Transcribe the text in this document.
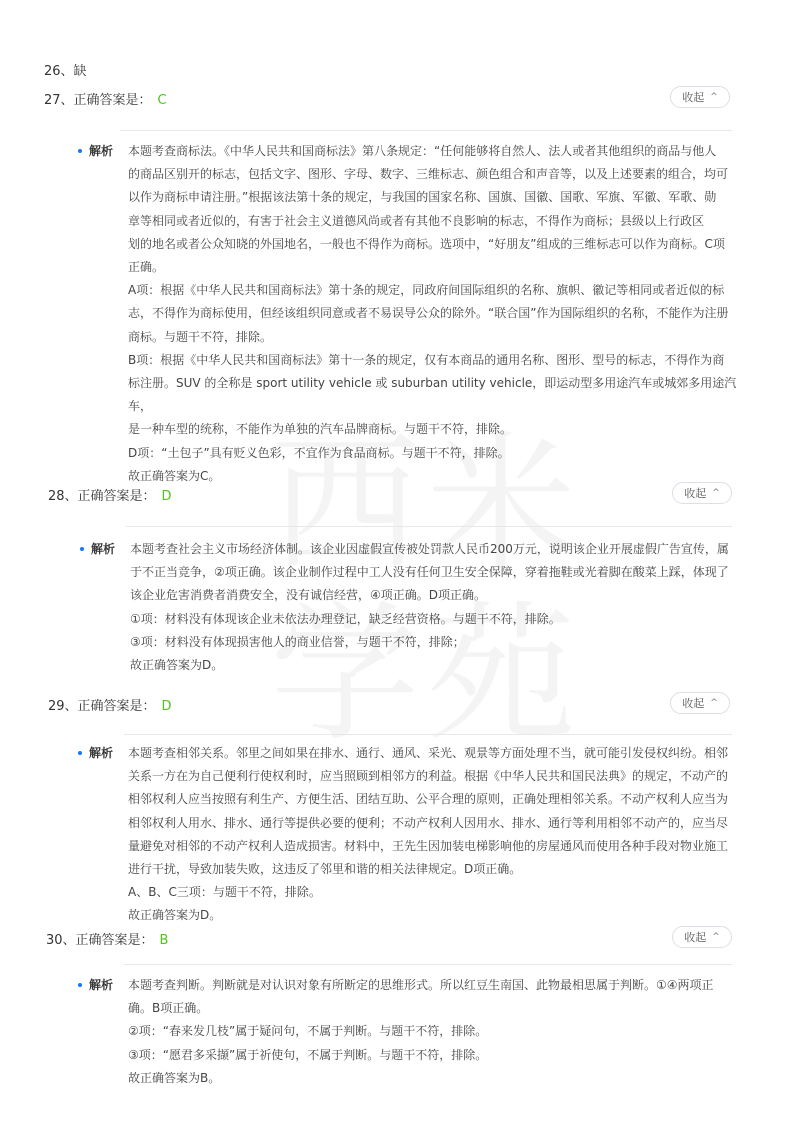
26、缺
27、正确答案是： C	收起 ^
解析 本题考查商标法。《中华人民共和国商标法》第八条规定：“任何能够将自然人、法人或者其他组织的商品与他人

的商品区别开的标志，包括文字、图形、字母、数字、三维标志、颜色组合和声音等，以及上述要素的组合，均可

以作为商标申请注册。”根据该法第十条的规定，与我国的国家名称、国旗、国徽、国歌、军旗、军徽、军歌、勋

章等相同或者近似的，有害于社会主义道德风尚或者有其他不良影响的标志，不得作为商标；县级以上行政区

划的地名或者公众知晓的外国地名，一般也不得作为商标。选项中，“好朋友”组成的三维标志可以作为商标。C项

正确。

A项：根据《中华人民共和国商标法》第十条的规定，同政府间国际组织的名称、旗帜、徽记等相同或者近似的标

志，不得作为商标使用，但经该组织同意或者不易误导公众的除外。“联合国”作为国际组织的名称，不能作为注册

商标。与题干不符，排除。

B项：根据《中华人民共和国商标法》第十一条的规定，仅有本商品的通用名称、图形、型号的标志，不得作为商

标注册。SUV 的全称是 sport utility vehicle 或 suburban utility vehicle，即运动型多用途汽车或城郊多用途汽车，

是一种车型的统称，不能作为单独的汽车品牌商标。与题干不符，排除。

D项：“土包子”具有贬义色彩，不宜作为食品商标。与题干不符，排除。

故正确答案为C。

28、正确答案是： D	收起 ^
解析 本题考查社会主义市场经济体制。该企业因虚假宣传被处罚款人民币200万元，说明该企业开展虚假广告宣传，属

于不正当竞争，②项正确。该企业制作过程中工人没有任何卫生安全保障，穿着拖鞋或光着脚在酸菜上踩，体现了

该企业危害消费者消费安全，没有诚信经营，④项正确。D项正确。

①项：材料没有体现该企业未依法办理登记，缺乏经营资格。与题干不符，排除。

③项：材料没有体现损害他人的商业信誉，与题干不符，排除；

故正确答案为D。

29、正确答案是： D	收起 ^
解析 本题考查相邻关系。邻里之间如果在排水、通行、通风、采光、观景等方面处理不当，就可能引发侵权纠纷。相邻

关系一方在为自己便利行使权利时，应当照顾到相邻方的利益。根据《中华人民共和国民法典》的规定，不动产的

相邻权利人应当按照有利生产、方便生活、团结互助、公平合理的原则，正确处理相邻关系。不动产权利人应当为

相邻权利人用水、排水、通行等提供必要的便利；不动产权利人因用水、排水、通行等利用相邻不动产的，应当尽

量避免对相邻的不动产权利人造成损害。材料中，王先生因加装电梯影响他的房屋通风而使用各种手段对物业施工

进行干扰，导致加装失败，这违反了邻里和谐的相关法律规定。D项正确。

A、B、C三项：与题干不符，排除。

故正确答案为D。

30、正确答案是： B	收起 ^
解析 本题考查判断。判断就是对认识对象有所断定的思维形式。所以红豆生南国、此物最相思属于判断。①④两项正

确。B项正确。

②项：“春来发几枝”属于疑问句，不属于判断。与题干不符，排除。

③项：“愿君多采撷”属于祈使句，不属于判断。与题干不符，排除。

故正确答案为B。
